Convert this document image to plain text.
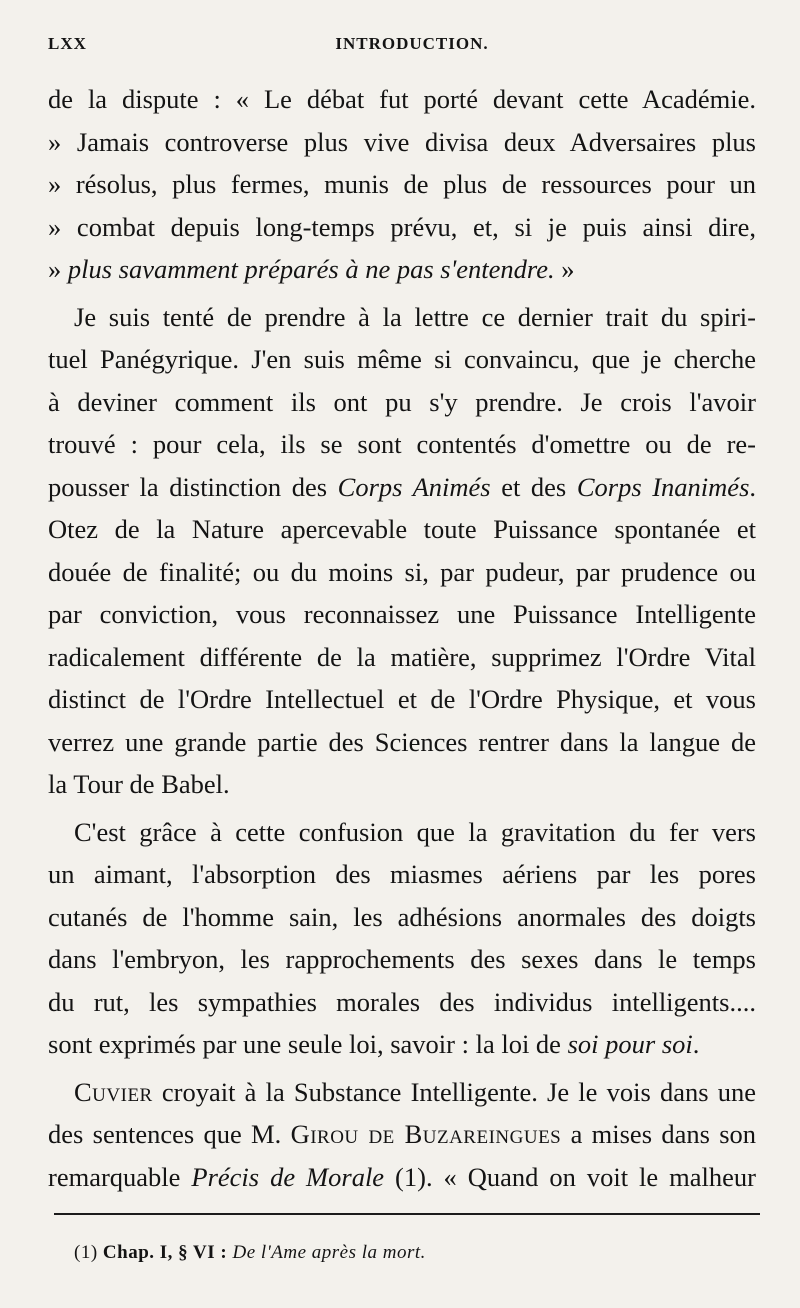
LXX	INTRODUCTION.
de la dispute : « Le débat fut porté devant cette Académie.
» Jamais controverse plus vive divisa deux Adversaires plus
» résolus, plus fermes, munis de plus de ressources pour un
» combat depuis long-temps prévu, et, si je puis ainsi dire,
» plus savamment préparés à ne pas s'entendre. »
Je suis tenté de prendre à la lettre ce dernier trait du spiri-
tuel Panégyrique. J'en suis même si convaincu, que je cherche
à deviner comment ils ont pu s'y prendre. Je crois l'avoir
trouvé : pour cela, ils se sont contentés d'omettre ou de re-
pousser la distinction des Corps Animés et des Corps Inanimés.
Otez de la Nature apercevable toute Puissance spontanée et
douée de finalité; ou du moins si, par pudeur, par prudence ou
par conviction, vous reconnaissez une Puissance Intelligente
radicalement différente de la matière, supprimez l'Ordre Vital
distinct de l'Ordre Intellectuel et de l'Ordre Physique, et vous
verrez une grande partie des Sciences rentrer dans la langue de
la Tour de Babel.
C'est grâce à cette confusion que la gravitation du fer vers
un aimant, l'absorption des miasmes aériens par les pores
cutanés de l'homme sain, les adhésions anormales des doigts
dans l'embryon, les rapprochements des sexes dans le temps
du rut, les sympathies morales des individus intelligents....
sont exprimés par une seule loi, savoir : la loi de soi pour soi.
Cuvier croyait à la Substance Intelligente. Je le vois dans une
des sentences que M. Girou de Buzareingues a mises dans son
remarquable Précis de Morale (1). « Quand on voit le malheur
(1) Chap. I, § VI : De l'Ame après la mort.
